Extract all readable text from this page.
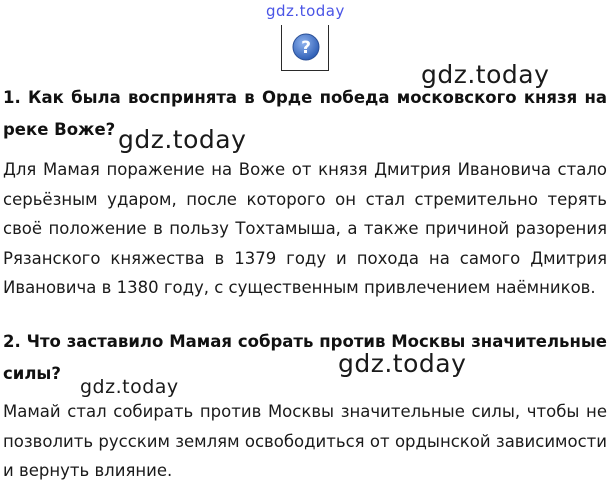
gdz.today
?
gdz.today
1. Как была воспринята в Орде победа московского князя на реке Воже? gdz.today
Для Мамая поражение на Воже от князя Дмитрия Ивановича стало серьёзным ударом, после которого он стал стремительно терять своё положение в пользу Тохтамыша, а также причиной разорения Рязанского княжества в 1379 году и похода на самого Дмитрия Ивановича в 1380 году, с существенным привлечением наёмников.
2. Что заставило Мамая собрать против Москвы значительные силы?	gdz.today
gdz.today
Мамай стал собирать против Москвы значительные силы, чтобы не позволить русским землям освободиться от ордынской зависимости и вернуть влияние.
